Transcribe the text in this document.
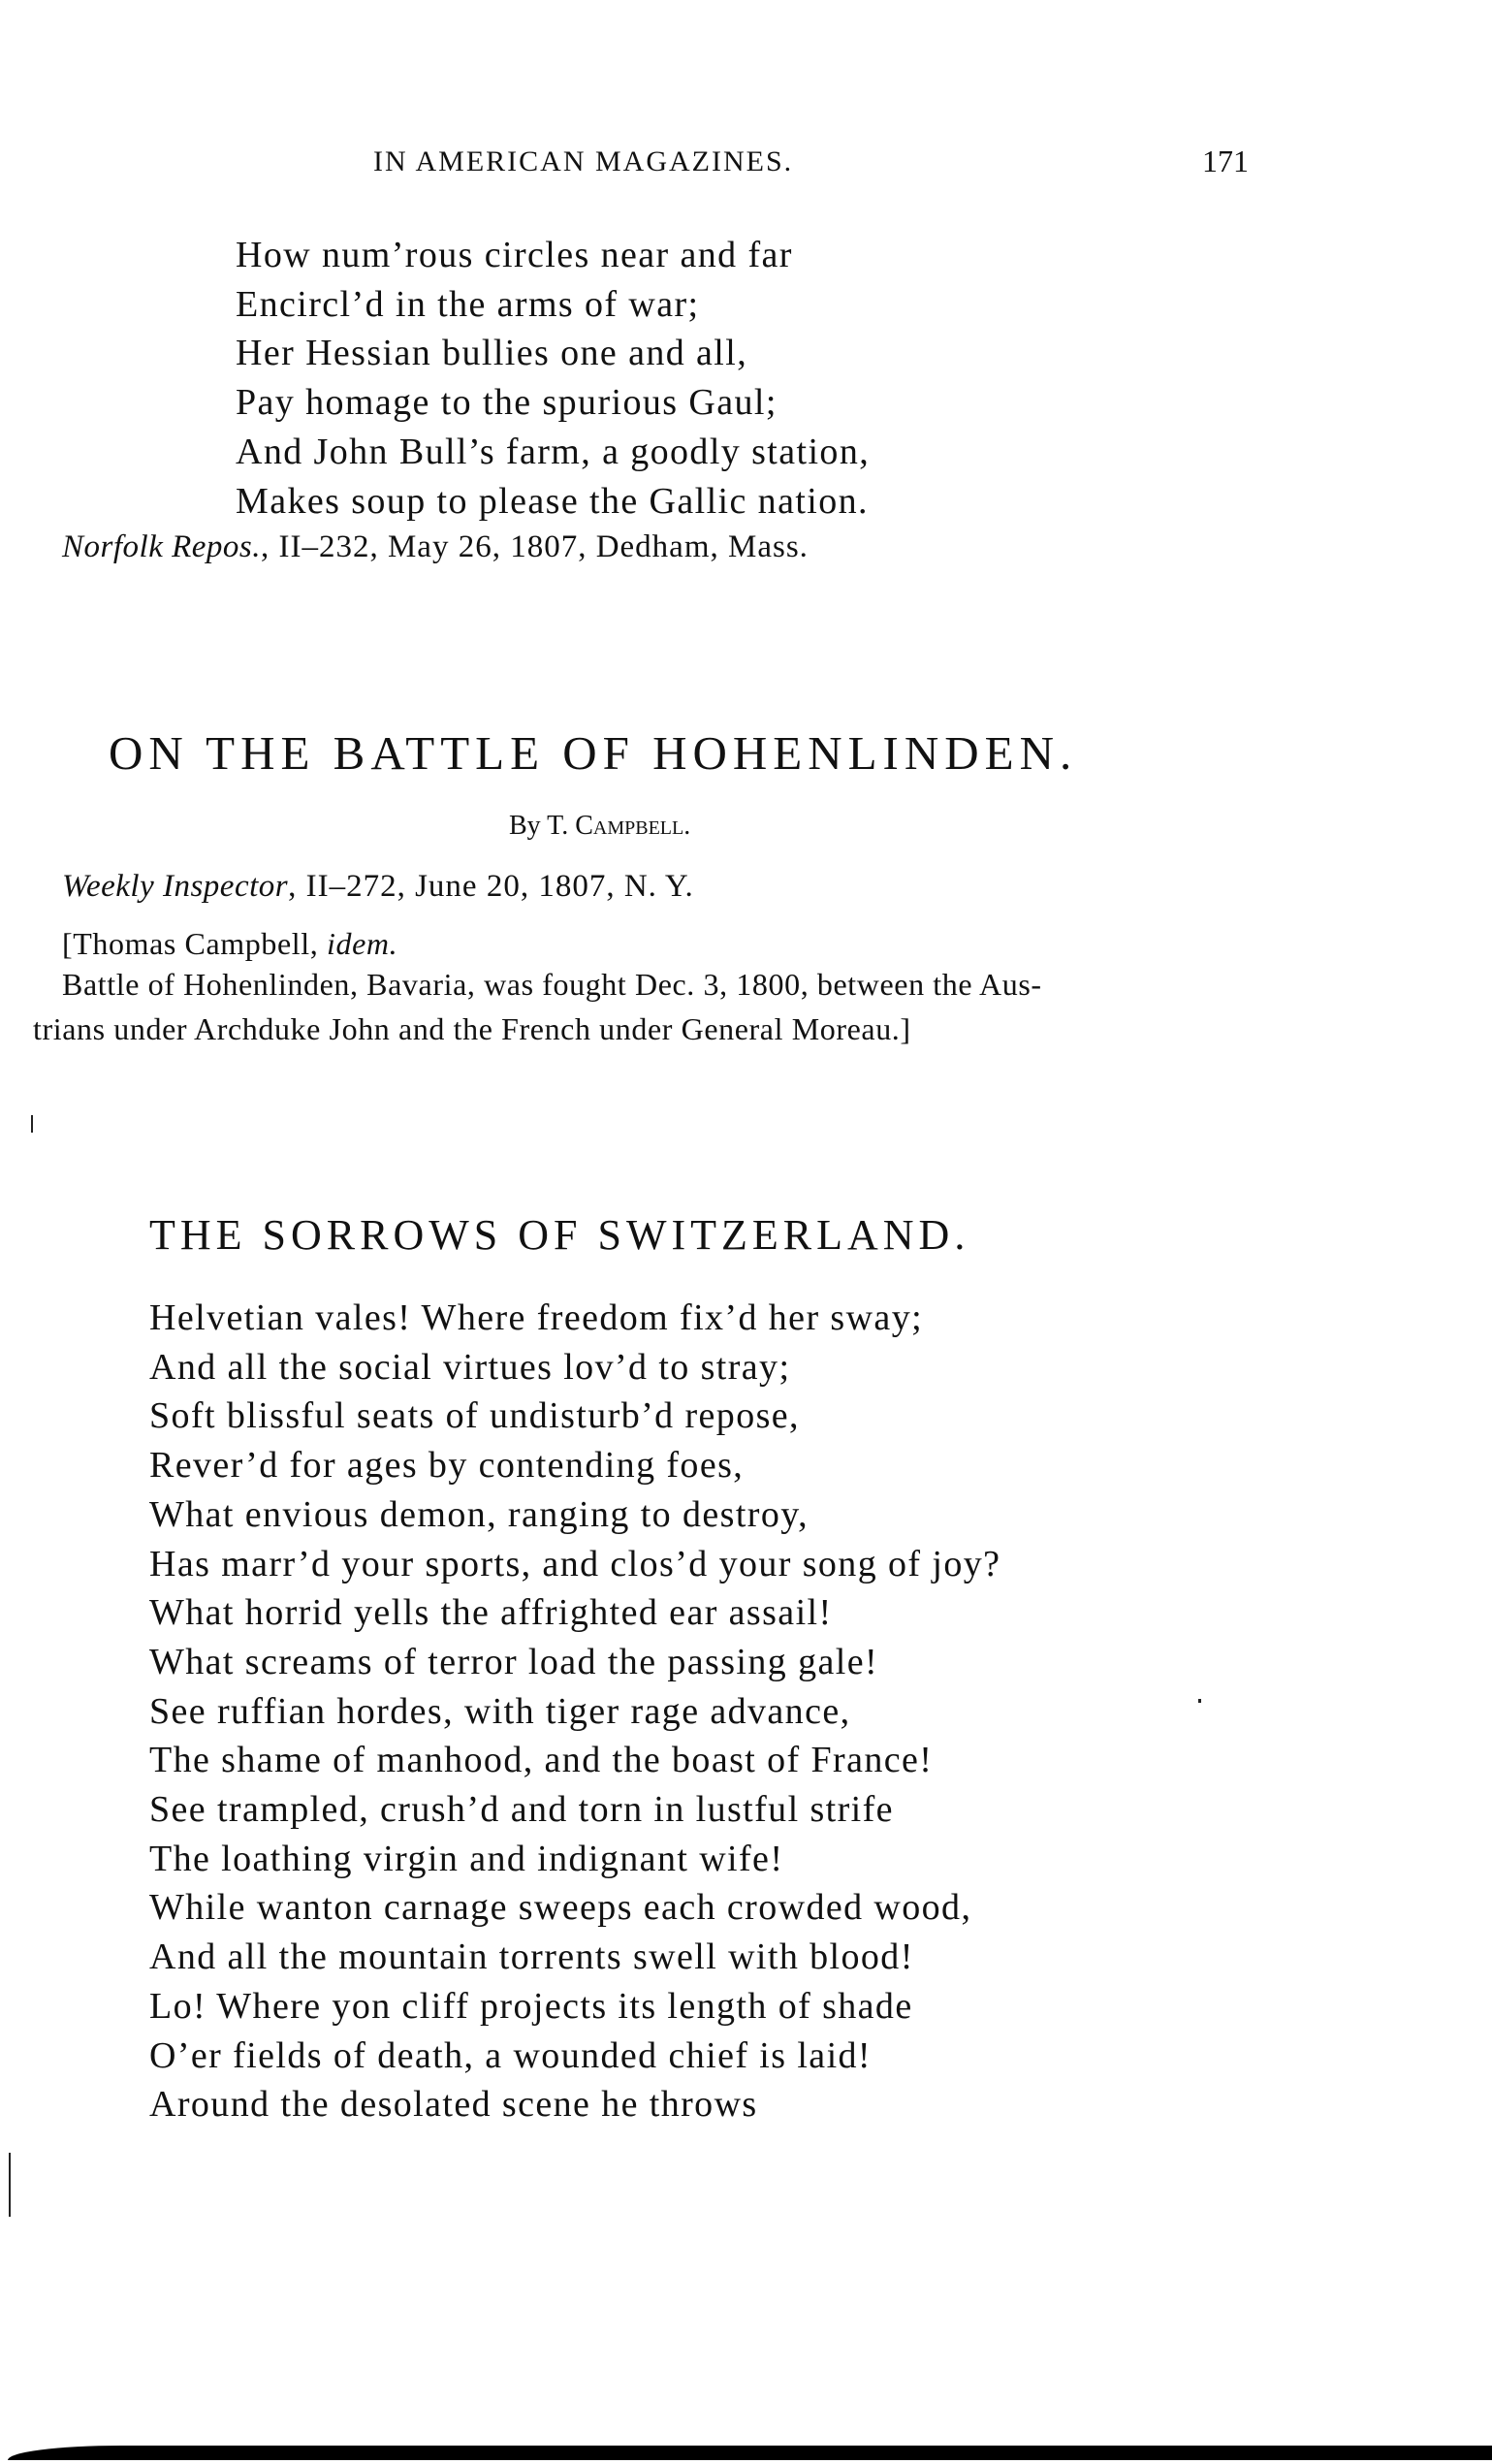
IN AMERICAN MAGAZINES.	171
How num’rous circles near and far
Encircl’d in the arms of war;
Her Hessian bullies one and all,
Pay homage to the spurious Gaul;
And John Bull’s farm, a goodly station,
Makes soup to please the Gallic nation.
Norfolk Repos., II–232, May 26, 1807, Dedham, Mass.
ON THE BATTLE OF HOHENLINDEN.
By T. Campbell.
Weekly Inspector, II–272, June 20, 1807, N. Y.
[Thomas Campbell, idem.
Battle of Hohenlinden, Bavaria, was fought Dec. 3, 1800, between the Aus-
trians under Archduke John and the French under General Moreau.]
THE SORROWS OF SWITZERLAND.
Helvetian vales! Where freedom fix’d her sway;
And all the social virtues lov’d to stray;
Soft blissful seats of undisturb’d repose,
Rever’d for ages by contending foes,
What envious demon, ranging to destroy,
Has marr’d your sports, and clos’d your song of joy?
What horrid yells the affrighted ear assail!
What screams of terror load the passing gale!
See ruffian hordes, with tiger rage advance,
The shame of manhood, and the boast of France!
See trampled, crush’d and torn in lustful strife
The loathing virgin and indignant wife!
While wanton carnage sweeps each crowded wood,
And all the mountain torrents swell with blood!
Lo! Where yon cliff projects its length of shade
O’er fields of death, a wounded chief is laid!
Around the desolated scene he throws
